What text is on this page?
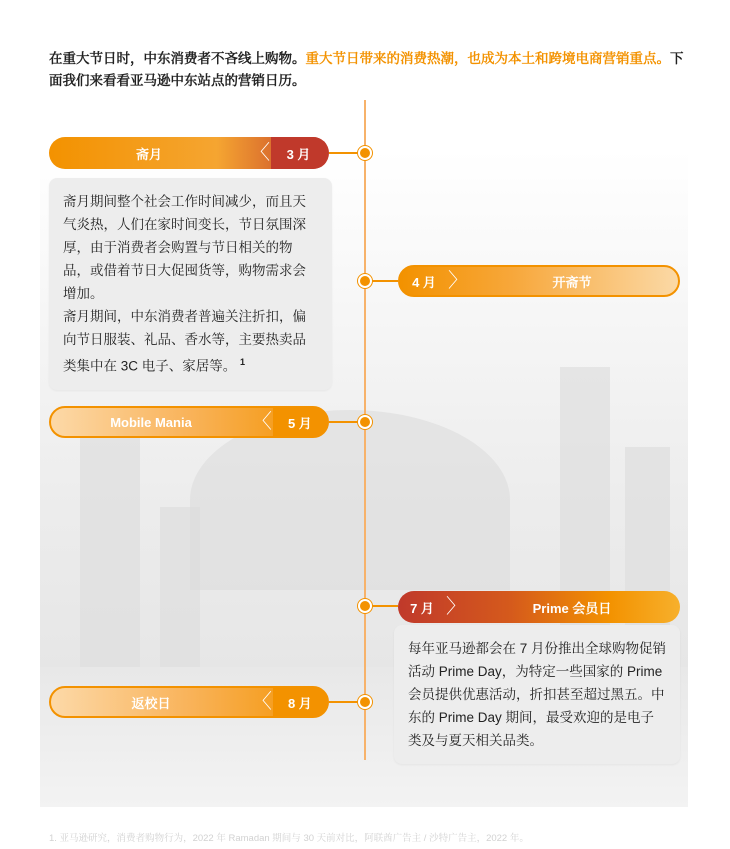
在重大节日时，中东消费者不吝线上购物。重大节日带来的消费热潮，也成为本土和跨境电商营销重点。下面我们来看看亚马逊中东站点的营销日历。
斋月	〈	3 月

斋月期间整个社会工作时间减少，而且天气炎热，人们在家时间变长，节日氛围深厚，由于消费者会购置与节日相关的物品，或借着节日大促囤货等，购物需求会增加。

斋月期间，中东消费者普遍关注折扣，偏向节日服装、礼品、香水等，主要热卖品类集中在 3C 电子、家居等。 $^1$

4 月 〉	开斋节
Mobile Mania	〈	5 月
7 月 〉	Prime 会员日

每年亚马逊都会在 7 月份推出全球购物促销活动 Prime Day，为特定一些国家的 Prime 会员提供优惠活动，折扣甚至超过黑五。中东的 Prime Day 期间，最受欢迎的是电子类及与夏天相关品类。

返校日	〈	8 月
1. 亚马逊研究，消费者购物行为，2022 年 Ramadan 期间与 30 天前对比，阿联酋广告主 / 沙特广告主，2022 年。
